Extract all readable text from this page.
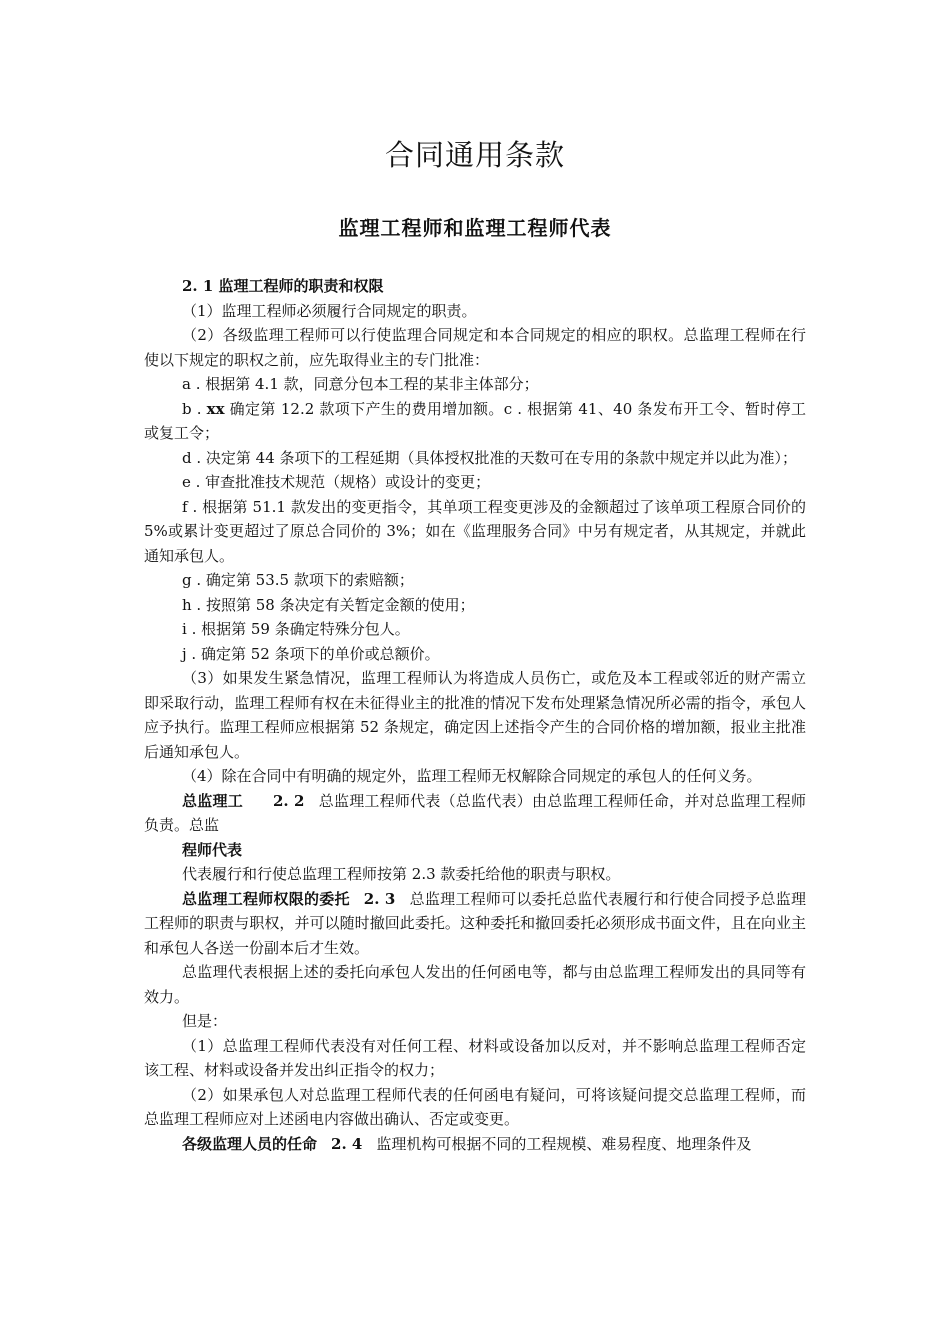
合同通用条款
监理工程师和监理工程师代表

2. 1 监理工程师的职责和权限

（1）监理工程师必须履行合同规定的职责。

（2）各级监理工程师可以行使监理合同规定和本合同规定的相应的职权。总监理工程师在行使以下规定的职权之前，应先取得业主的专门批准：

a . 根据第 4.1 款，同意分包本工程的某非主体部分；

b . xx 确定第 12.2 款项下产生的费用增加额。c . 根据第 41、40 条发布开工令、暂时停工或复工令；

d . 决定第 44 条项下的工程延期（具体授权批准的天数可在专用的条款中规定并以此为准）；

e . 审查批准技术规范（规格）或设计的变更；

f . 根据第 51.1 款发出的变更指令，其单项工程变更涉及的金额超过了该单项工程原合同价的 5%或累计变更超过了原总合同价的 3%；如在《监理服务合同》中另有规定者，从其规定，并就此通知承包人。

g . 确定第 53.5 款项下的索赔额；

h . 按照第 58 条决定有关暂定金额的使用；

i . 根据第 59 条确定特殊分包人。

j . 确定第 52 条项下的单价或总额价。

（3）如果发生紧急情况，监理工程师认为将造成人员伤亡，或危及本工程或邻近的财产需立即采取行动，监理工程师有权在未征得业主的批准的情况下发布处理紧急情况所必需的指令，承包人应予执行。监理工程师应根据第 52 条规定，确定因上述指令产生的合同价格的增加额，报业主批准后通知承包人。

（4）除在合同中有明确的规定外，监理工程师无权解除合同规定的承包人的任何义务。

总监理工 2. 2 总监理工程师代表（总监代表）由总监理工程师任命，并对总监理工程师负责。总监

程师代表

代表履行和行使总监理工程师按第 2.3 款委托给他的职责与职权。

总监理工程师权限的委托 2. 3 总监理工程师可以委托总监代表履行和行使合同授予总监理工程师的职责与职权，并可以随时撤回此委托。这种委托和撤回委托必须形成书面文件，且在向业主和承包人各送一份副本后才生效。

总监理代表根据上述的委托向承包人发出的任何函电等，都与由总监理工程师发出的具同等有效力。

但是：

（1）总监理工程师代表没有对任何工程、材料或设备加以反对，并不影响总监理工程师否定该工程、材料或设备并发出纠正指令的权力；

（2）如果承包人对总监理工程师代表的任何函电有疑问，可将该疑问提交总监理工程师，而总监理工程师应对上述函电内容做出确认、否定或变更。

各级监理人员的任命 2. 4 监理机构可根据不同的工程规模、难易程度、地理条件及
